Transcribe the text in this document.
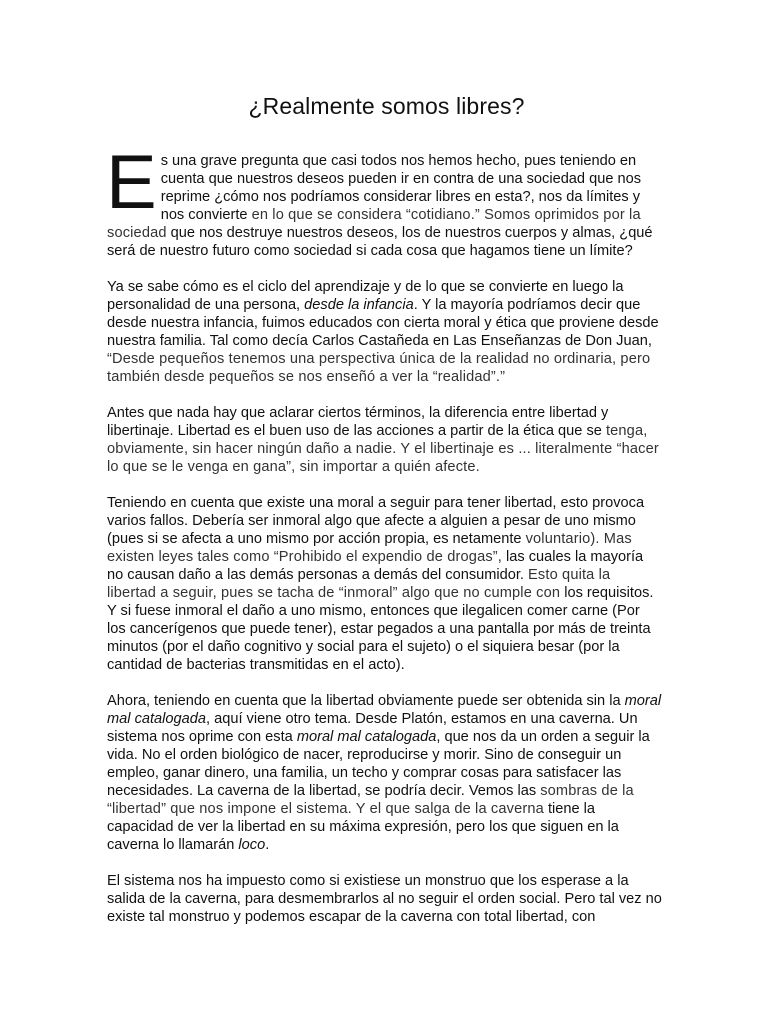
¿Realmente somos libres?

Es una grave pregunta que casi todos nos hemos hecho, pues teniendo en cuenta que nuestros deseos pueden ir en contra de una sociedad que nos reprime ¿cómo nos podríamos considerar libres en esta?, nos da límites y nos convierte en lo que se considera “cotidiano.” Somos oprimidos por la sociedad que nos destruye nuestros deseos, los de nuestros cuerpos y almas, ¿qué será de nuestro futuro como sociedad si cada cosa que hagamos tiene un límite?

Ya se sabe cómo es el ciclo del aprendizaje y de lo que se convierte en luego la personalidad de una persona, desde la infancia. Y la mayoría podríamos decir que desde nuestra infancia, fuimos educados con cierta moral y ética que proviene desde nuestra familia. Tal como decía Carlos Castañeda en Las Enseñanzas de Don Juan, “Desde pequeños tenemos una perspectiva única de la realidad no ordinaria, pero también desde pequeños se nos enseñó a ver la “realidad”.”

Antes que nada hay que aclarar ciertos términos, la diferencia entre libertad y libertinaje. Libertad es el buen uso de las acciones a partir de la ética que se tenga, obviamente, sin hacer ningún daño a nadie. Y el libertinaje es ... literalmente “hacer lo que se le venga en gana”, sin importar a quién afecte.

Teniendo en cuenta que existe una moral a seguir para tener libertad, esto provoca varios fallos. Debería ser inmoral algo que afecte a alguien a pesar de uno mismo (pues si se afecta a uno mismo por acción propia, es netamente voluntario). Mas existen leyes tales como “Prohibido el expendio de drogas”, las cuales la mayoría no causan daño a las demás personas a demás del consumidor. Esto quita la libertad a seguir, pues se tacha de “inmoral” algo que no cumple con los requisitos. Y si fuese inmoral el daño a uno mismo, entonces que ilegalicen comer carne (Por los cancerígenos que puede tener), estar pegados a una pantalla por más de treinta minutos (por el daño cognitivo y social para el sujeto) o el siquiera besar (por la cantidad de bacterias transmitidas en el acto).

Ahora, teniendo en cuenta que la libertad obviamente puede ser obtenida sin la moral mal catalogada, aquí viene otro tema. Desde Platón, estamos en una caverna. Un sistema nos oprime con esta moral mal catalogada, que nos da un orden a seguir la vida. No el orden biológico de nacer, reproducirse y morir. Sino de conseguir un empleo, ganar dinero, una familia, un techo y comprar cosas para satisfacer las necesidades. La caverna de la libertad, se podría decir. Vemos las sombras de la “libertad” que nos impone el sistema. Y el que salga de la caverna tiene la capacidad de ver la libertad en su máxima expresión, pero los que siguen en la caverna lo llamarán loco.

El sistema nos ha impuesto como si existiese un monstruo que los esperase a la salida de la caverna, para desmembrarlos al no seguir el orden social. Pero tal vez no existe tal monstruo y podemos escapar de la caverna con total libertad, con
